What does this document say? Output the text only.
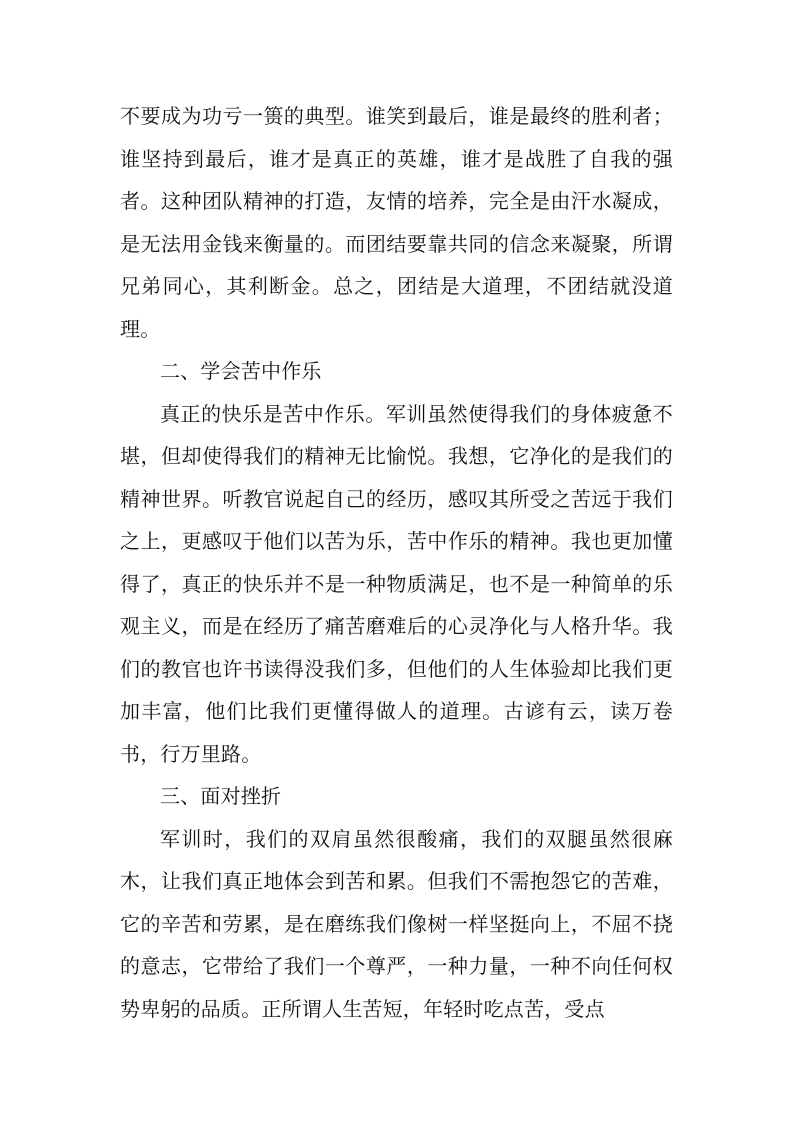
不要成为功亏一篑的典型。谁笑到最后，谁是最终的胜利者；谁坚持到最后，谁才是真正的英雄，谁才是战胜了自我的强者。这种团队精神的打造，友情的培养，完全是由汗水凝成，是无法用金钱来衡量的。而团结要靠共同的信念来凝聚，所谓兄弟同心，其利断金。总之，团结是大道理，不团结就没道理。

二、学会苦中作乐

真正的快乐是苦中作乐。军训虽然使得我们的身体疲惫不堪，但却使得我们的精神无比愉悦。我想，它净化的是我们的精神世界。听教官说起自己的经历，感叹其所受之苦远于我们之上，更感叹于他们以苦为乐，苦中作乐的精神。我也更加懂得了，真正的快乐并不是一种物质满足，也不是一种简单的乐观主义，而是在经历了痛苦磨难后的心灵净化与人格升华。我们的教官也许书读得没我们多，但他们的人生体验却比我们更加丰富，他们比我们更懂得做人的道理。古谚有云，读万卷书，行万里路。

三、面对挫折

军训时，我们的双肩虽然很酸痛，我们的双腿虽然很麻木，让我们真正地体会到苦和累。但我们不需抱怨它的苦难，它的辛苦和劳累，是在磨练我们像树一样坚挺向上，不屈不挠的意志，它带给了我们一个尊严，一种力量，一种不向任何权势卑躬的品质。正所谓人生苦短，年轻时吃点苦，受点
